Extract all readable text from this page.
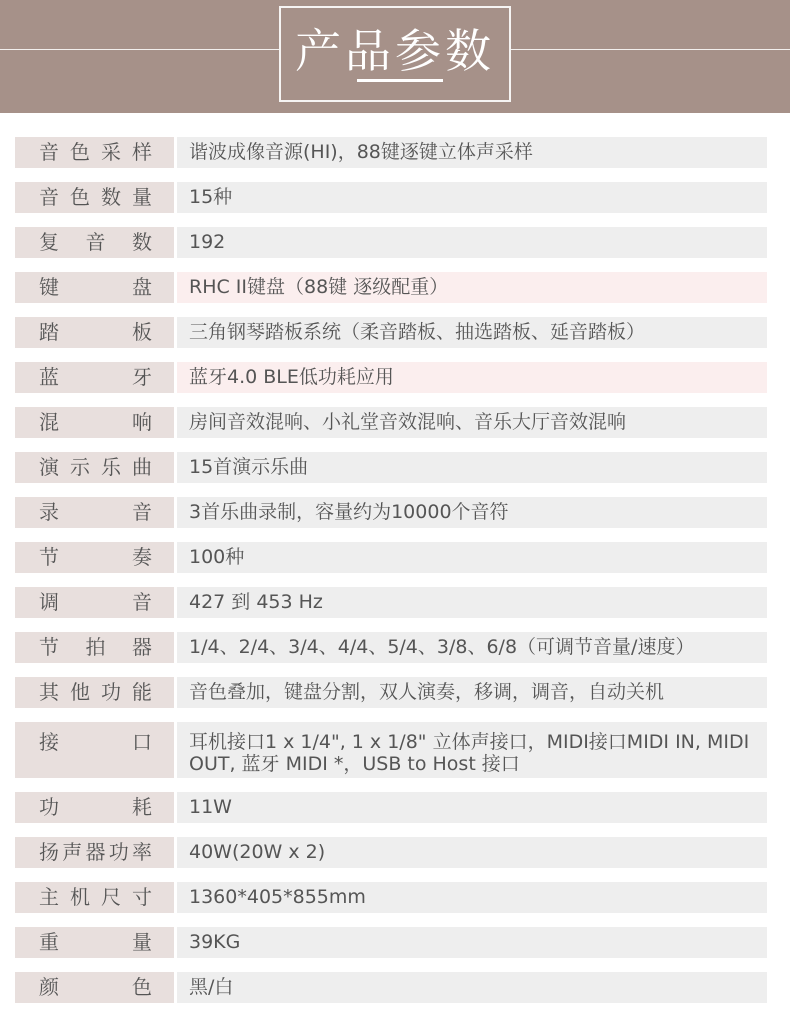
产品参数
音色采样	谐波成像音源(HI)，88键逐键立体声采样
音色数量	15种
复音数	192
键盘	RHC II键盘（88键 逐级配重）
踏板	三角钢琴踏板系统（柔音踏板、抽选踏板、延音踏板）
蓝牙	蓝牙4.0 BLE低功耗应用
混响	房间音效混响、小礼堂音效混响、音乐大厅音效混响
演示乐曲	15首演示乐曲
录音	3首乐曲录制，容量约为10000个音符
节奏	100种
调音	427 到 453 Hz
节拍器	1/4、2/4、3/4、4/4、5/4、3/8、6/8（可调节音量/速度）
其他功能	音色叠加，键盘分割，双人演奏，移调，调音，自动关机
接口	耳机接口1 x 1/4", 1 x 1/8" 立体声接口，MIDI接口MIDI IN, MIDI OUT, 蓝牙 MIDI *，USB to Host 接口
功耗	11W
扬声器功率	40W(20W x 2)
主机尺寸	1360*405*855mm
重量	39KG
颜色	黑/白
